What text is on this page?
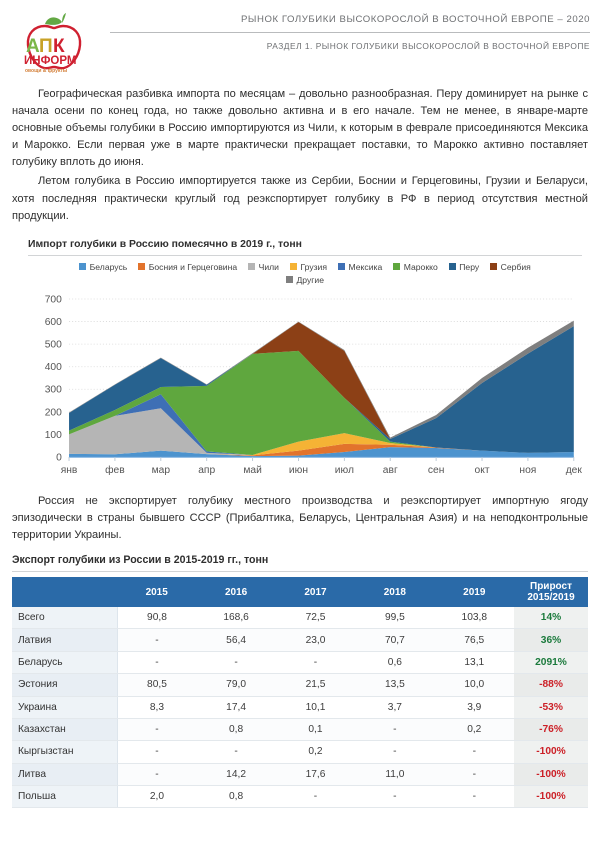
А П К
ИНФОРМ
овощи & фрукты
РЫНОК ГОЛУБИКИ ВЫСОКОРОСЛОЙ В ВОСТОЧНОЙ ЕВРОПЕ – 2020
РАЗДЕЛ 1. РЫНОК ГОЛУБИКИ ВЫСОКОРОСЛОЙ В ВОСТОЧНОЙ ЕВРОПЕ

Географическая разбивка импорта по месяцам – довольно разнообразная. Перу доминирует на рынке с начала осени по конец года, но также довольно активна и в его начале. Тем не менее, в январе-марте основные объемы голубики в Россию импортируются из Чили, к которым в феврале присоединяются Мексика и Марокко. Если первая уже в марте практически прекращает поставки, то Марокко активно поставляет голубику вплоть до июня.

Летом голубика в Россию импортируется также из Сербии, Боснии и Герцеговины, Грузии и Беларуси, хотя последняя практически круглый год реэкспортирует голубику в РФ в период отсутствия местной продукции.

Импорт голубики в Россию помесячно в 2019 г., тонн
Беларусь	Босния и Герцеговина	Чили	Грузия	Мексика	Марокко	Перу	Сербия
Другие
0
100
200
300
400
500
600
700
янв	фев	мар	апр	май	июн	июл	авг	сен	окт	ноя	дек

Россия не экспортирует голубику местного производства и реэкспортирует импортную ягоду эпизодически в страны бывшего СССР (Прибалтика, Беларусь, Центральная Азия) и на неподконтрольные территории Украины.

Экспорт голубики из России в 2015-2019 гг., тонн
	2015	2016	2017	2018	2019	Прирост
2015/2019

Всего	90,8	168,6	72,5	99,5	103,8	14%
Латвия	-	56,4	23,0	70,7	76,5	36%
Беларусь	-	-	-	0,6	13,1	2091%
Эстония	80,5	79,0	21,5	13,5	10,0	-88%
Украина	8,3	17,4	10,1	3,7	3,9	-53%
Казахстан	-	0,8	0,1	-	0,2	-76%
Кыргызстан	-	-	0,2	-	-	-100%
Литва	-	14,2	17,6	11,0	-	-100%
Польша	2,0	0,8	-	-	-	-100%
